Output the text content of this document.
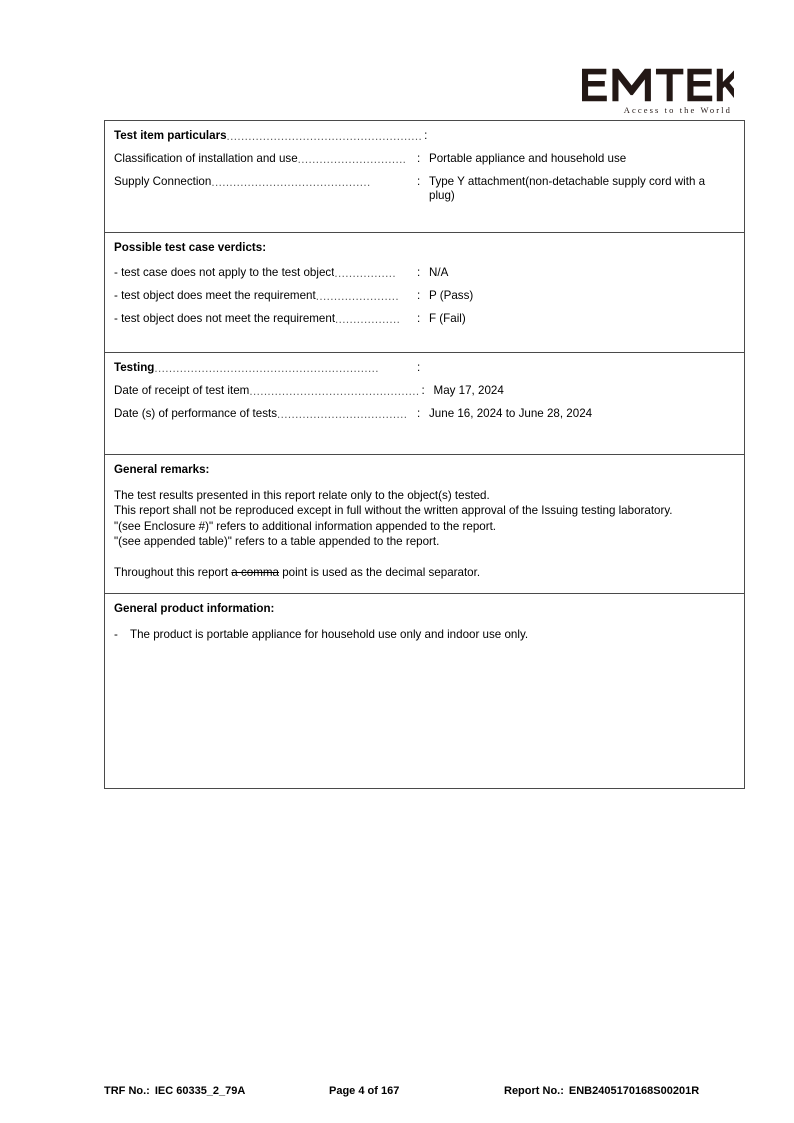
Access to the World
Test item particulars ...................................................... :
Classification of installation and use .............................. : Portable appliance and household use
Supply Connection ............................................	: Type Y attachment(non-detachable supply cord with a plug)
Possible test case verdicts:
- test case does not apply to the test object .................	: N/A
- test object does meet the requirement .......................	: P (Pass)
- test object does not meet the requirement ..................	: F (Fail)
Testing ..............................................................	:
Date of receipt of test item ............................................... : May 17, 2024
Date (s) of performance of tests .................................... : June 16, 2024 to June 28, 2024
General remarks:
The test results presented in this report relate only to the object(s) tested.
This report shall not be reproduced except in full without the written approval of the Issuing testing laboratory.
"(see Enclosure #)" refers to additional information appended to the report.
"(see appended table)" refers to a table appended to the report.
Throughout this report a comma point is used as the decimal separator.
General product information:
-	The product is portable appliance for household use only and indoor use only.
TRF No.: IEC 60335_2_79A	Page 4 of 167	Report No.: ENB2405170168S00201R
